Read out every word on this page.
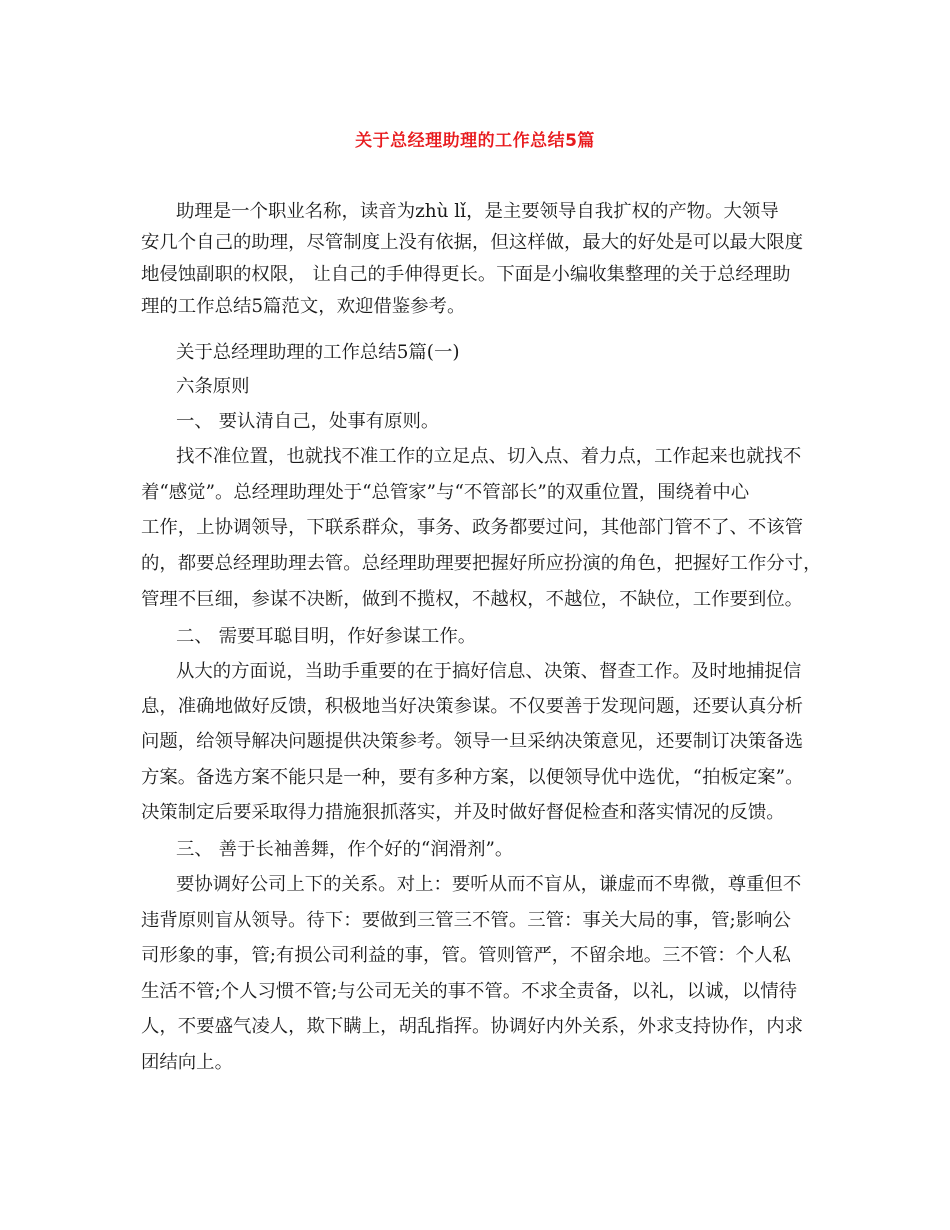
关于总经理助理的工作总结5篇
助理是一个职业名称，读音为zhù lǐ，是主要领导自我扩权的产物。大领导
安几个自己的助理，尽管制度上没有依据，但这样做，最大的好处是可以最大限度
地侵蚀副职的权限， 让自己的手伸得更长。下面是小编收集整理的关于总经理助
理的工作总结5篇范文，欢迎借鉴参考。
关于总经理助理的工作总结5篇(一)
六条原则
一、 要认清自己，处事有原则。
找不准位置，也就找不准工作的立足点、切入点、着力点，工作起来也就找不
着“感觉”。总经理助理处于“总管家”与“不管部长”的双重位置，围绕着中心
工作，上协调领导，下联系群众，事务、政务都要过问，其他部门管不了、不该管
的，都要总经理助理去管。总经理助理要把握好所应扮演的角色，把握好工作分寸，
管理不巨细，参谋不决断，做到不揽权，不越权，不越位，不缺位，工作要到位。
二、 需要耳聪目明，作好参谋工作。
从大的方面说，当助手重要的在于搞好信息、决策、督查工作。及时地捕捉信
息，准确地做好反馈，积极地当好决策参谋。不仅要善于发现问题，还要认真分析
问题，给领导解决问题提供决策参考。领导一旦采纳决策意见，还要制订决策备选
方案。备选方案不能只是一种，要有多种方案，以便领导优中选优，“拍板定案”。
决策制定后要采取得力措施狠抓落实，并及时做好督促检查和落实情况的反馈。
三、 善于长袖善舞，作个好的“润滑剂”。
要协调好公司上下的关系。对上：要听从而不盲从，谦虚而不卑微，尊重但不
违背原则盲从领导。待下：要做到三管三不管。三管：事关大局的事，管;影响公
司形象的事，管;有损公司利益的事，管。管则管严，不留余地。三不管：个人私
生活不管;个人习惯不管;与公司无关的事不管。不求全责备，以礼，以诚，以情待
人，不要盛气凌人，欺下瞒上，胡乱指挥。协调好内外关系，外求支持协作，内求
团结向上。
